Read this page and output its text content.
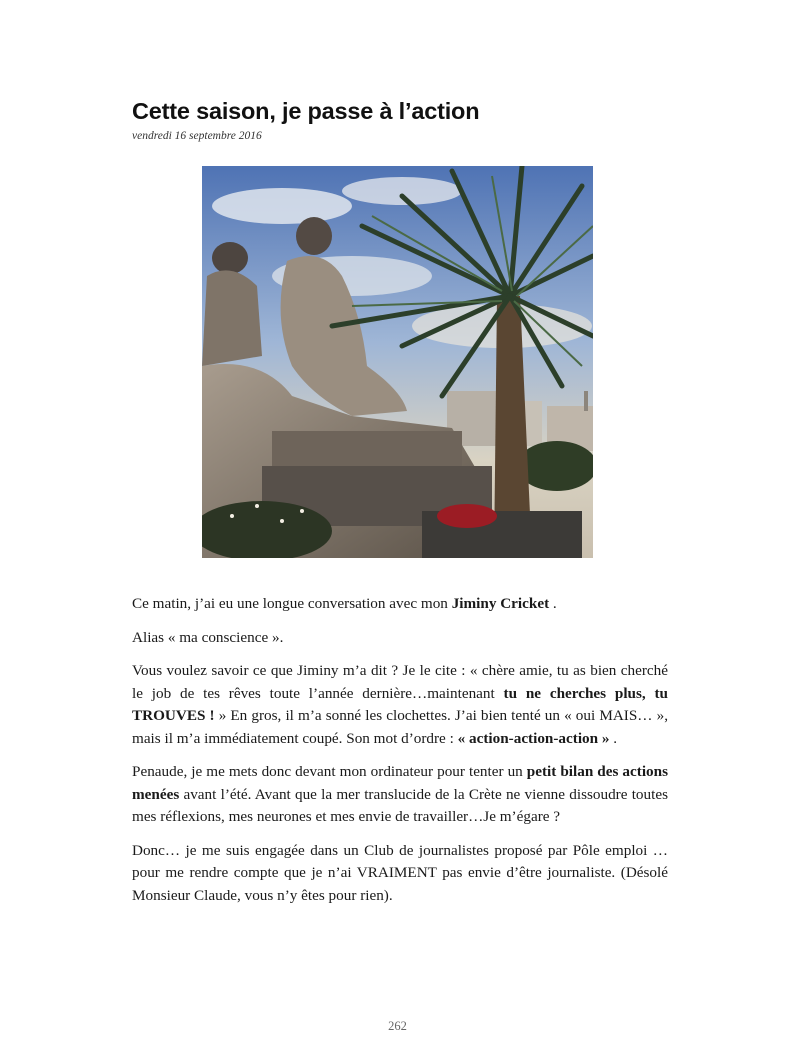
Cette saison, je passe à l’action
vendredi 16 septembre 2016

Ce matin, j’ai eu une longue conversation avec mon Jiminy Cricket .

Alias « ma conscience ».

Vous voulez savoir ce que Jiminy m’a dit ? Je le cite : « chère amie, tu as bien cherché le job de tes rêves toute l’année dernière…maintenant tu ne cherches plus, tu TROUVES ! » En gros, il m’a sonné les clochettes. J’ai bien tenté un « oui MAIS… », mais il m’a immédiatement coupé. Son mot d’ordre : « action-action-action » .

Penaude, je me mets donc devant mon ordinateur pour tenter un petit bilan des actions menées avant l’été. Avant que la mer translucide de la Crète ne vienne dissoudre toutes mes réflexions, mes neurones et mes envie de travailler…Je m’égare ?

Donc… je me suis engagée dans un Club de journalistes proposé par Pôle emploi …pour me rendre compte que je n’ai VRAIMENT pas envie d’être journaliste. (Désolé Monsieur Claude, vous n’y êtes pour rien).

262
